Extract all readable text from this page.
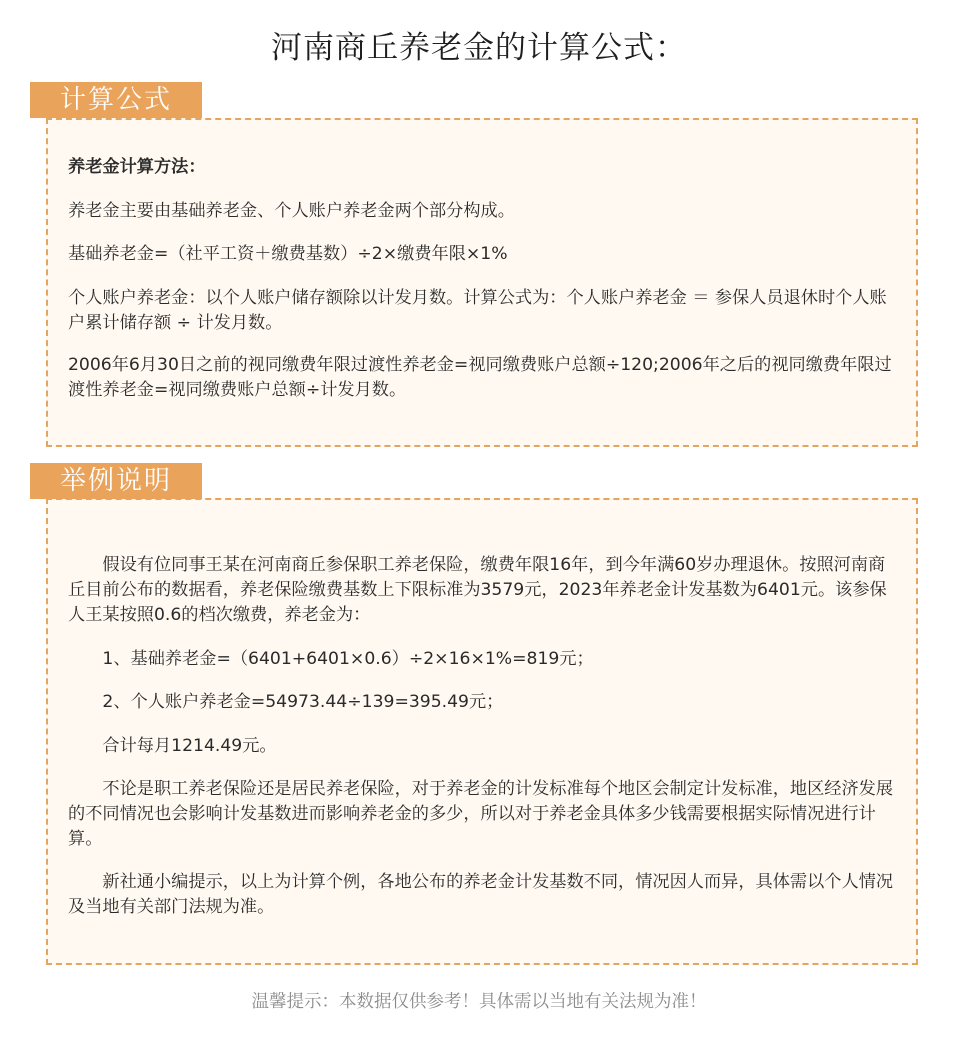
河南商丘养老金的计算公式：
计算公式

养老金计算方法：

养老金主要由基础养老金、个人账户养老金两个部分构成。

基础养老金=（社平工资＋缴费基数）÷2×缴费年限×1%

个人账户养老金：以个人账户储存额除以计发月数。计算公式为：个人账户养老金 ＝ 参保人员退休时个人账户累计储存额 ÷ 计发月数。

2006年6月30日之前的视同缴费年限过渡性养老金=视同缴费账户总额÷120;2006年之后的视同缴费年限过渡性养老金=视同缴费账户总额÷计发月数。

举例说明

假设有位同事王某在河南商丘参保职工养老保险，缴费年限16年，到今年满60岁办理退休。按照河南商丘目前公布的数据看，养老保险缴费基数上下限标准为3579元，2023年养老金计发基数为6401元。该参保人王某按照0.6的档次缴费，养老金为：

1、基础养老金=（6401+6401×0.6）÷2×16×1%=819元；

2、个人账户养老金=54973.44÷139=395.49元；

合计每月1214.49元。

不论是职工养老保险还是居民养老保险，对于养老金的计发标准每个地区会制定计发标准，地区经济发展的不同情况也会影响计发基数进而影响养老金的多少，所以对于养老金具体多少钱需要根据实际情况进行计算。

新社通小编提示，以上为计算个例，各地公布的养老金计发基数不同，情况因人而异，具体需以个人情况及当地有关部门法规为准。

温馨提示：本数据仅供参考！具体需以当地有关法规为准！
